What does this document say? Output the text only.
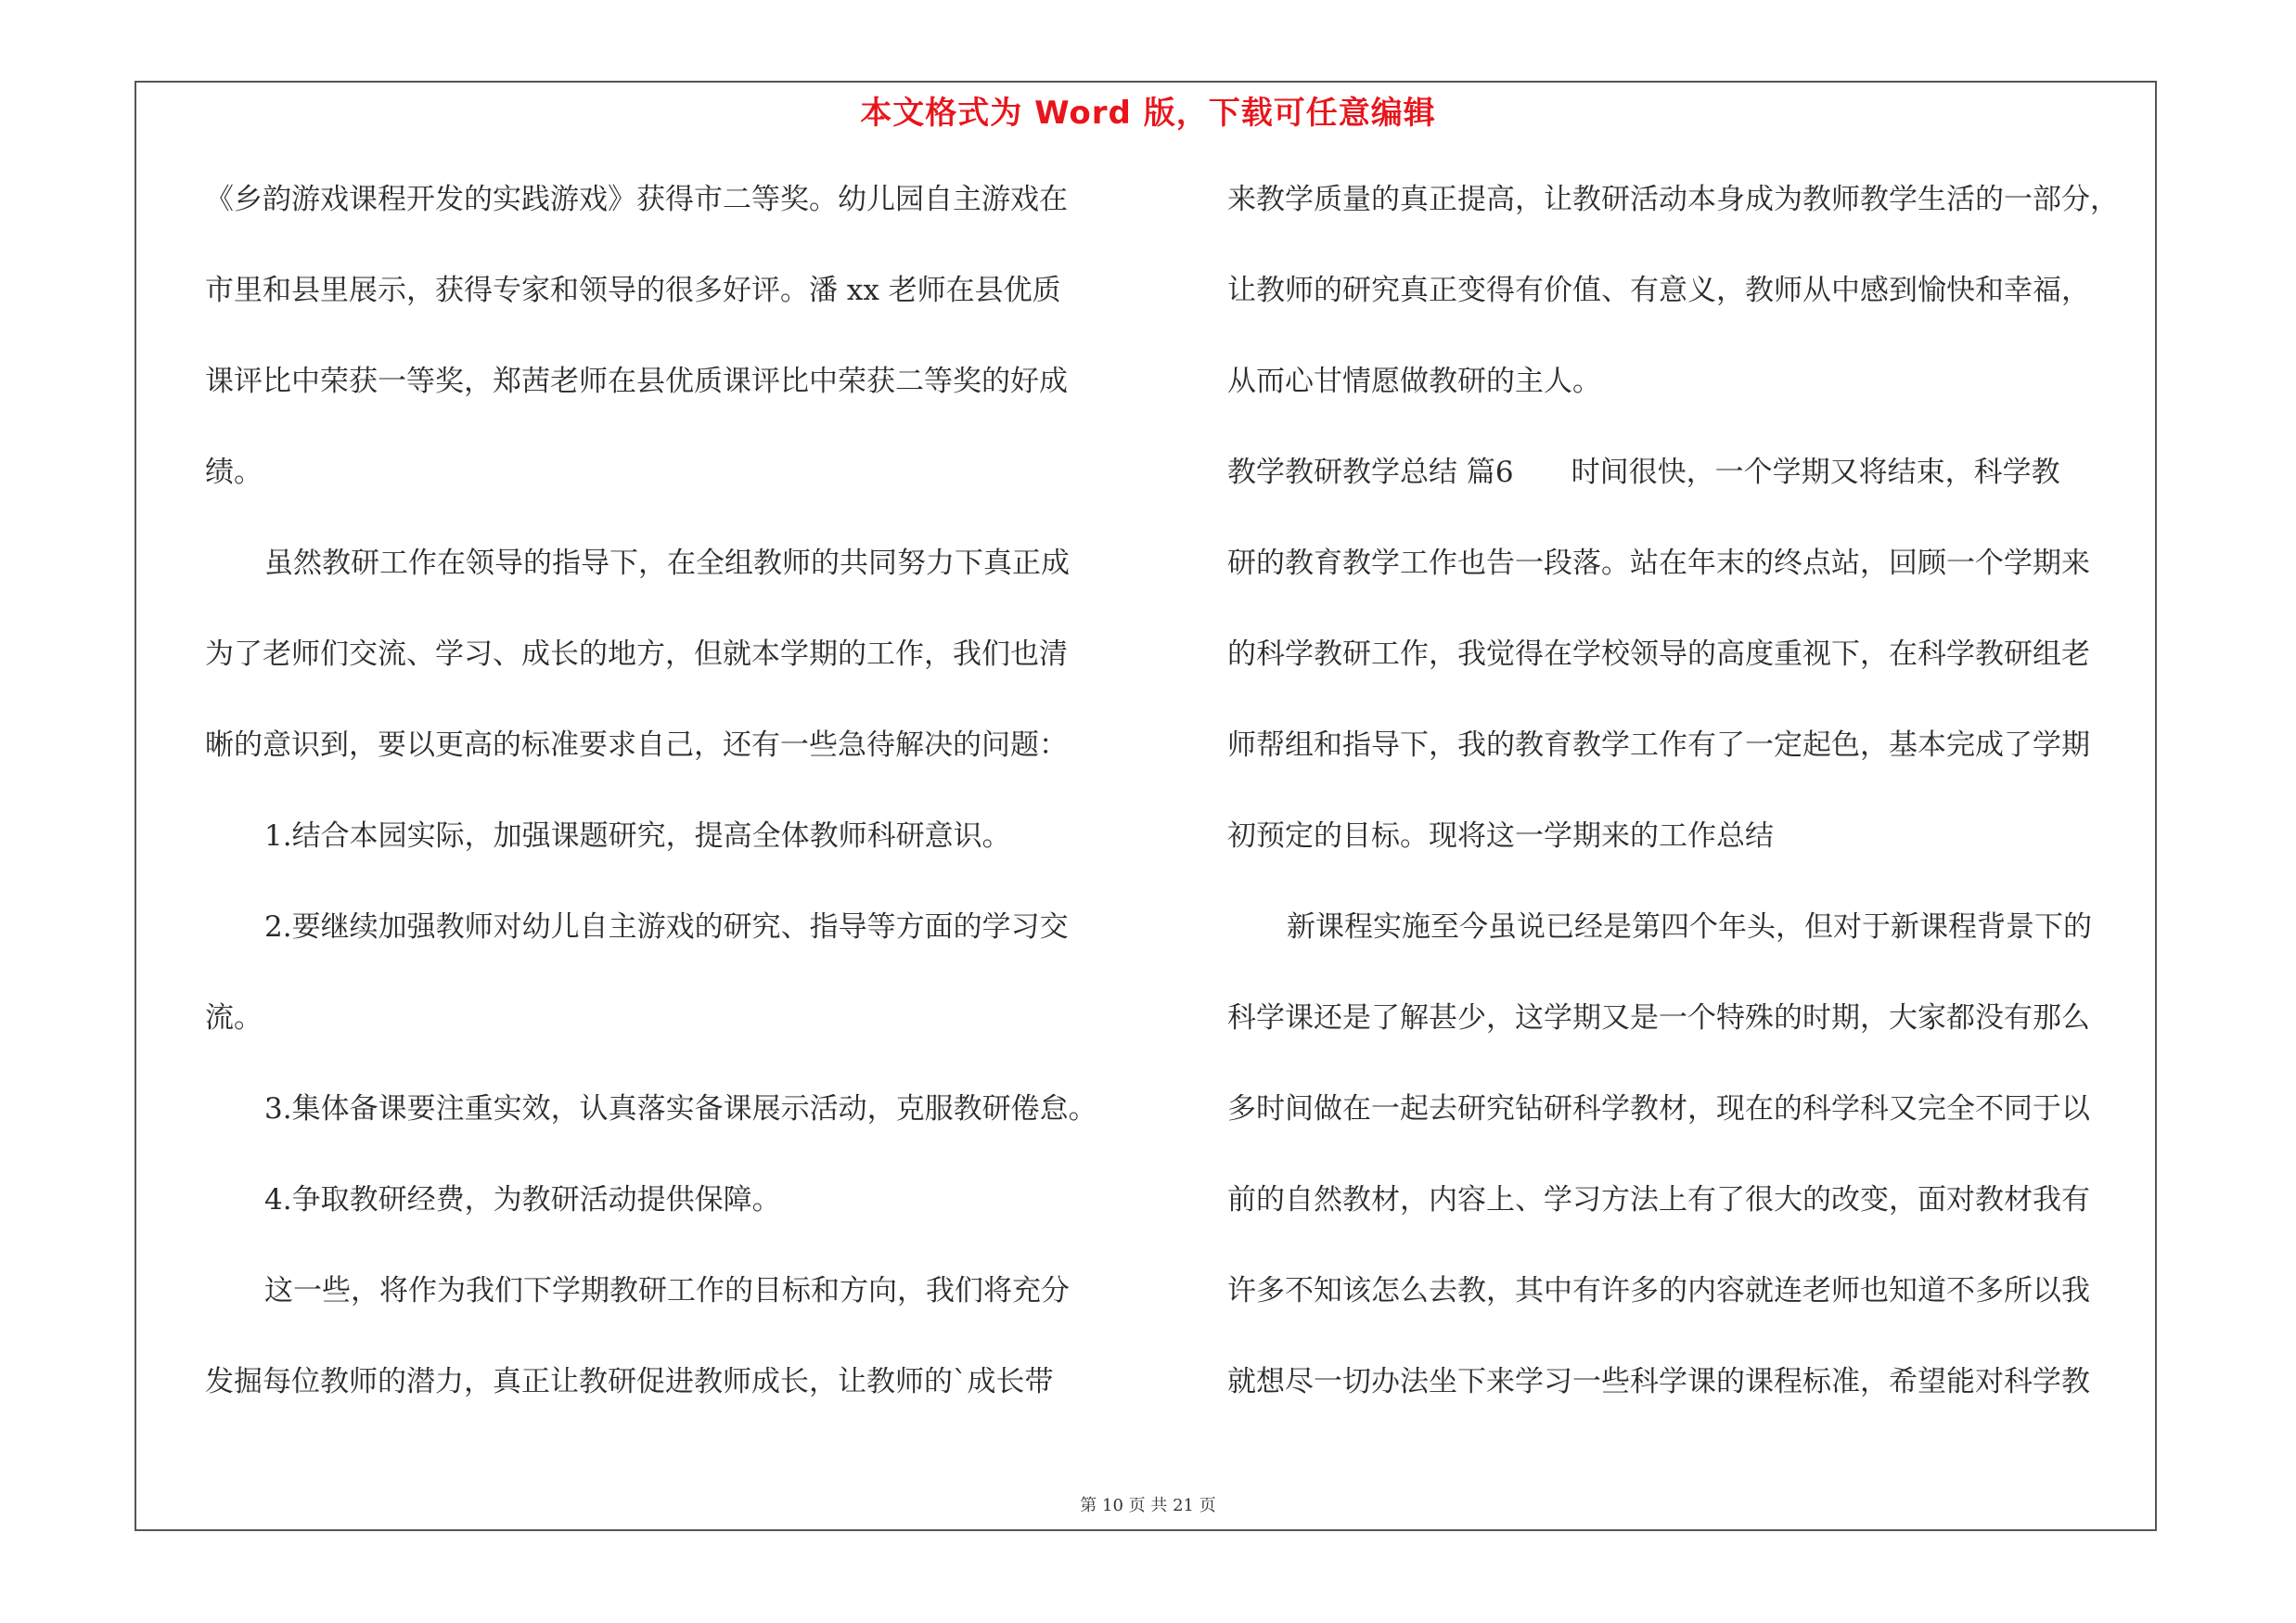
本文格式为 Word 版，下载可任意编辑
《乡韵游戏课程开发的实践游戏》获得市二等奖。幼儿园自主游戏在
市里和县里展示，获得专家和领导的很多好评。潘 xx 老师在县优质
课评比中荣获一等奖，郑茜老师在县优质课评比中荣获二等奖的好成
绩。
虽然教研工作在领导的指导下，在全组教师的共同努力下真正成
为了老师们交流、学习、成长的地方，但就本学期的工作，我们也清
晰的意识到，要以更高的标准要求自己，还有一些急待解决的问题：
1.结合本园实际，加强课题研究，提高全体教师科研意识。
2.要继续加强教师对幼儿自主游戏的研究、指导等方面的学习交
流。
3.集体备课要注重实效，认真落实备课展示活动，克服教研倦怠。
4.争取教研经费，为教研活动提供保障。
这一些，将作为我们下学期教研工作的目标和方向，我们将充分
发掘每位教师的潜力，真正让教研促进教师成长，让教师的`成长带
来教学质量的真正提高，让教研活动本身成为教师教学生活的一部分，
让教师的研究真正变得有价值、有意义，教师从中感到愉快和幸福，
从而心甘情愿做教研的主人。
教学教研教学总结 篇6　　时间很快，一个学期又将结束，科学教
研的教育教学工作也告一段落。站在年末的终点站，回顾一个学期来
的科学教研工作，我觉得在学校领导的高度重视下，在科学教研组老
师帮组和指导下，我的教育教学工作有了一定起色，基本完成了学期
初预定的目标。现将这一学期来的工作总结
新课程实施至今虽说已经是第四个年头，但对于新课程背景下的
科学课还是了解甚少，这学期又是一个特殊的时期，大家都没有那么
多时间做在一起去研究钻研科学教材，现在的科学科又完全不同于以
前的自然教材，内容上、学习方法上有了很大的改变，面对教材我有
许多不知该怎么去教，其中有许多的内容就连老师也知道不多所以我
就想尽一切办法坐下来学习一些科学课的课程标准，希望能对科学教
第 10 页 共 21 页
